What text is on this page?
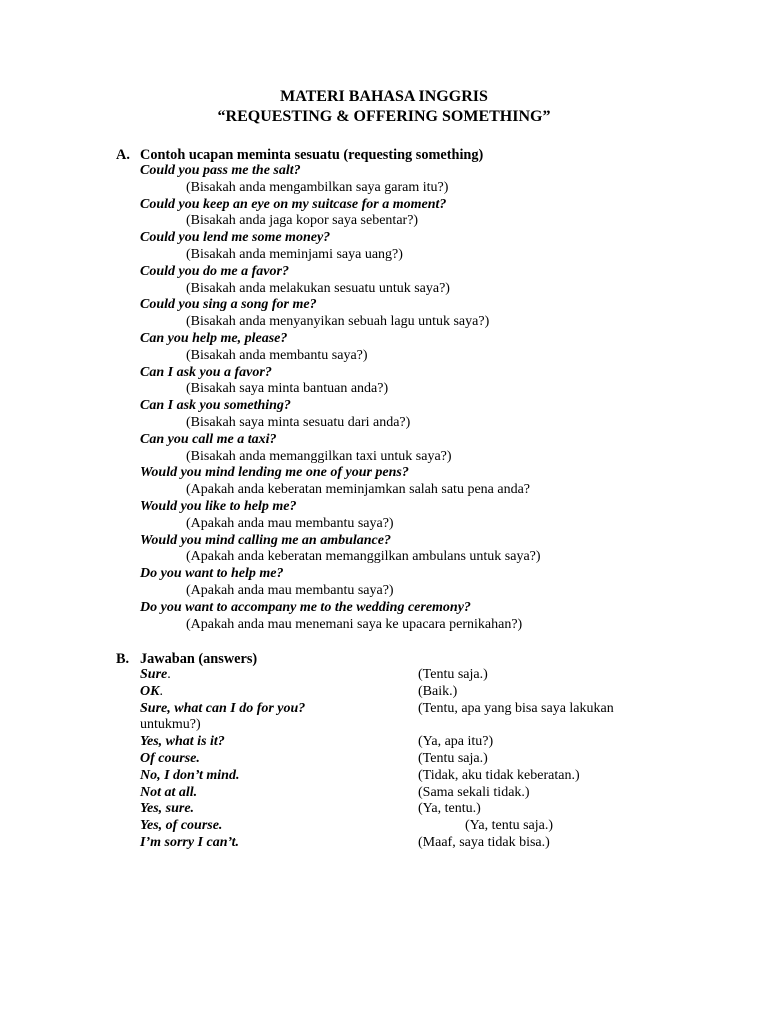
MATERI BAHASA INGGRIS
“REQUESTING & OFFERING SOMETHING”
A. Contoh ucapan meminta sesuatu (requesting something)
Could you pass me the salt?
(Bisakah anda mengambilkan saya garam itu?)
Could you keep an eye on my suitcase for a moment?
(Bisakah anda jaga kopor saya sebentar?)
Could you lend me some money?
(Bisakah anda meminjami saya uang?)
Could you do me a favor?
(Bisakah anda melakukan sesuatu untuk saya?)
Could you sing a song for me?
(Bisakah anda menyanyikan sebuah lagu untuk saya?)
Can you help me, please?
(Bisakah anda membantu saya?)
Can I ask you a favor?
(Bisakah saya minta bantuan anda?)
Can I ask you something?
(Bisakah saya minta sesuatu dari anda?)
Can you call me a taxi?
(Bisakah anda memanggilkan taxi untuk saya?)
Would you mind lending me one of your pens?
(Apakah anda keberatan meminjamkan salah satu pena anda?
Would you like to help me?
(Apakah anda mau membantu saya?)
Would you mind calling me an ambulance?
(Apakah anda keberatan memanggilkan ambulans untuk saya?)
Do you want to help me?
(Apakah anda mau membantu saya?)
Do you want to accompany me to the wedding ceremony?
(Apakah anda mau menemani saya ke upacara pernikahan?)
B. Jawaban (answers)
Sure.	(Tentu saja.)
OK.	(Baik.)
Sure, what can I do for you?	(Tentu, apa yang bisa saya lakukan
untukmu?)
Yes, what is it?	(Ya, apa itu?)
Of course.	(Tentu saja.)
No, I don’t mind.	(Tidak, aku tidak keberatan.)
Not at all.	(Sama sekali tidak.)
Yes, sure.	(Ya, tentu.)
Yes, of course.	(Ya, tentu saja.)
I’m sorry I can’t.	(Maaf, saya tidak bisa.)
